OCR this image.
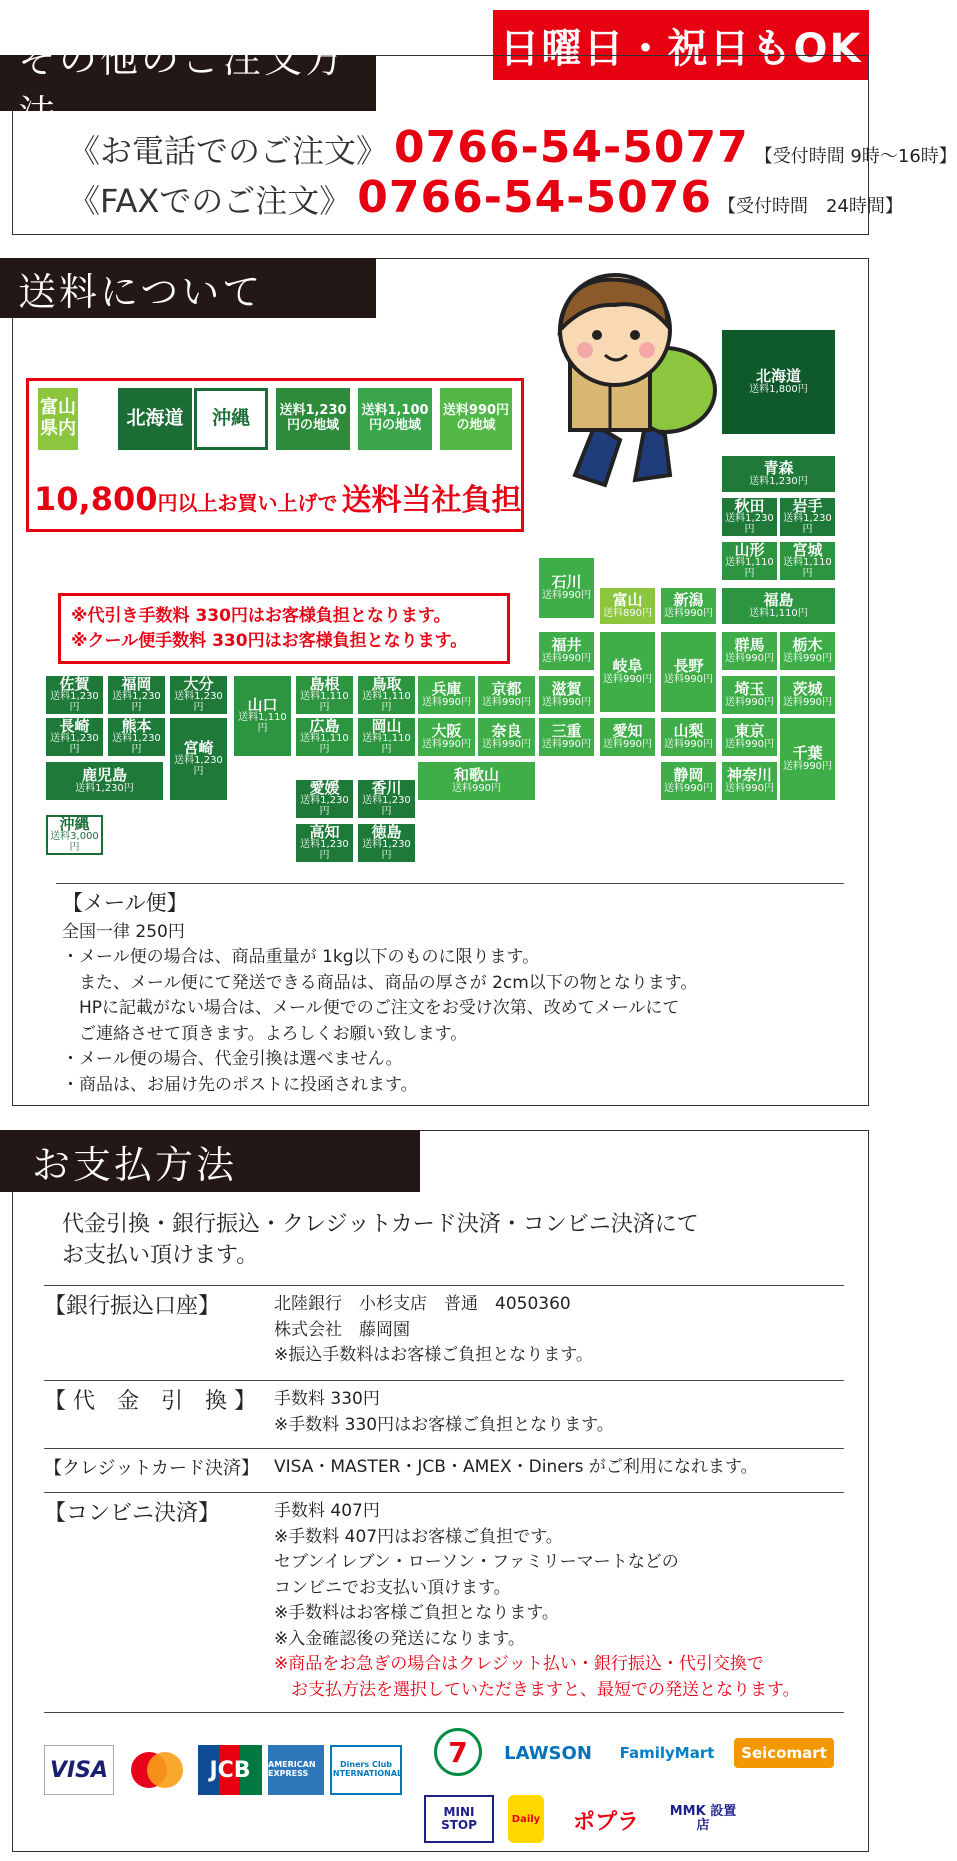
日曜日・祝日もOK
その他のご注文方法
《お電話でのご注文》 0766-54-5077 【受付時間 9時〜16時】
《FAXでのご注文》 0766-54-5076 【受付時間　24時間】
送料について
富山県内	北海道	沖縄	送料1,230円の地域
送料1,100円の地域
送料990円の地域
10,800 円以上お買い上げで 送料当社負担
※代引き手数料 330円はお客様負担となります。
※クール便手数料 330円はお客様負担となります。
北海道
送料1,800円
青森
送料1,230円
秋田
送料1,230円
岩手
送料1,230円
山形
送料1,110円
宮城
送料1,110円
石川
送料990円 富山
送料890円
新潟
送料990円
福島
送料1,110円
福井
送料990円 岐阜
送料990円
長野
送料990円
群馬
送料990円
栃木
送料990円
佐賀
送料1,230円
福岡
送料1,230円
大分
送料1,230円	山口
送料1,110円
島根
送料1,110円
鳥取
送料1,110円
兵庫
送料990円
京都
送料990円
滋賀
送料990円
埼玉
送料990円
茨城
送料990円
長崎
送料1,230円
熊本
送料1,230円	宮崎
送料1,230円
広島
送料1,110円
岡山
送料1,110円
大阪
送料990円
奈良
送料990円
三重
送料990円
愛知
送料990円
山梨
送料990円
東京
送料990円 千葉
送料990円
鹿児島
送料1,230円
和歌山
送料990円
静岡
送料990円
神奈川
送料990円
愛媛
送料1,230円
香川
送料1,230円
沖縄
送料3,000円
高知
送料1,230円
徳島
送料1,230円
【メール便】
全国一律 250円
・メール便の場合は、商品重量が 1kg以下のものに限ります。
　また、メール便にて発送できる商品は、商品の厚さが 2cm以下の物となります。
　HPに記載がない場合は、メール便でのご注文をお受け次第、改めてメールにて
　ご連絡させて頂きます。よろしくお願い致します。
・メール便の場合、代金引換は選べません。
・商品は、お届け先のポストに投函されます。
お支払方法
代金引換・銀行振込・クレジットカード決済・コンビニ決済にて
お支払い頂けます。
【銀行振込口座】	北陸銀行　小杉支店　普通　4050360
株式会社　藤岡園
※振込手数料はお客様ご負担となります。
【 代　金　引　換 】	手数料 330円
※手数料 330円はお客様ご負担となります。
【クレジットカード決済】 VISA・MASTER・JCB・AMEX・Diners がご利用になれます。
【コンビニ決済】	手数料 407円
※手数料 407円はお客様ご負担です。
セブンイレブン・ローソン・ファミリーマートなどの
コンビニでお支払い頂けます。
※手数料はお客様ご負担となります。
※入金確認後の発送になります。
※商品をお急ぎの場合はクレジット払い・銀行振込・代引交換で
　お支払方法を選択していただきますと、最短での発送となります。
VISA	JCB	AMERICAN EXPRESS
Diners Club INTERNATIONAL
7	LAWSON	FamilyMart	Seicomart
MINI STOP	Daily	ポプラ	MMK 設置店
